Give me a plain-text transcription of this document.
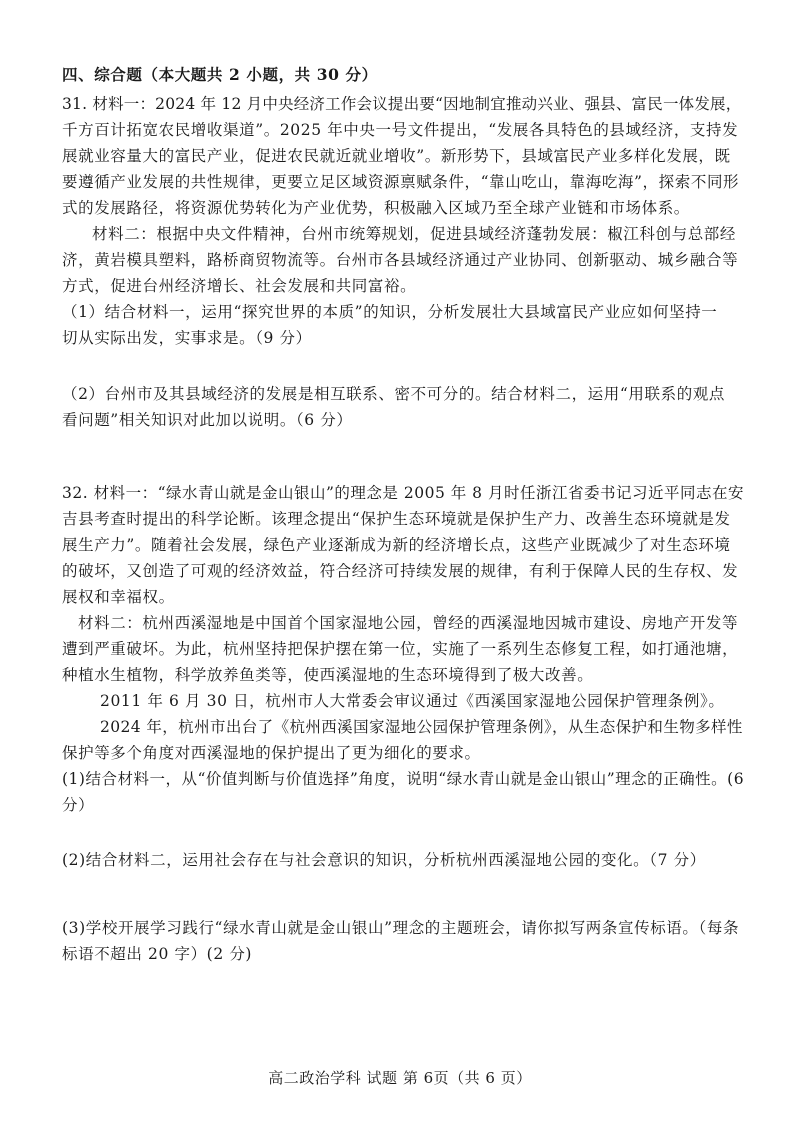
四、综合题（本大题共 2 小题，共 30 分）
31. 材料一：2024 年 12 月中央经济工作会议提出要“因地制宜推动兴业、强县、富民一体发展，
千方百计拓宽农民增收渠道”。2025 年中央一号文件提出，“发展各具特色的县域经济，支持发
展就业容量大的富民产业，促进农民就近就业增收”。新形势下，县域富民产业多样化发展，既
要遵循产业发展的共性规律，更要立足区域资源禀赋条件，“靠山吃山，靠海吃海”，探索不同形
式的发展路径，将资源优势转化为产业优势，积极融入区域乃至全球产业链和市场体系。
材料二：根据中央文件精神，台州市统筹规划，促进县域经济蓬勃发展：椒江科创与总部经
济，黄岩模具塑料，路桥商贸物流等。台州市各县域经济通过产业协同、创新驱动、城乡融合等
方式，促进台州经济增长、社会发展和共同富裕。
（1）结合材料一，运用“探究世界的本质”的知识，分析发展壮大县域富民产业应如何坚持一
切从实际出发，实事求是。（9 分）
（2）台州市及其县域经济的发展是相互联系、密不可分的。结合材料二，运用“用联系的观点
看问题”相关知识对此加以说明。（6 分）
32. 材料一：“绿水青山就是金山银山”的理念是 2005 年 8 月时任浙江省委书记习近平同志在安
吉县考查时提出的科学论断。该理念提出“保护生态环境就是保护生产力、改善生态环境就是发
展生产力”。随着社会发展，绿色产业逐渐成为新的经济增长点，这些产业既减少了对生态环境
的破坏，又创造了可观的经济效益，符合经济可持续发展的规律，有利于保障人民的生存权、发
展权和幸福权。
材料二：杭州西溪湿地是中国首个国家湿地公园，曾经的西溪湿地因城市建设、房地产开发等
遭到严重破坏。为此，杭州坚持把保护摆在第一位，实施了一系列生态修复工程，如打通池塘，
种植水生植物，科学放养鱼类等，使西溪湿地的生态环境得到了极大改善。
2011 年 6 月 30 日，杭州市人大常委会审议通过《西溪国家湿地公园保护管理条例》。
2024 年，杭州市出台了《杭州西溪国家湿地公园保护管理条例》，从生态保护和生物多样性
保护等多个角度对西溪湿地的保护提出了更为细化的要求。
(1)结合材料一，从“价值判断与价值选择”角度，说明“绿水青山就是金山银山”理念的正确性。(6
分）
(2)结合材料二，运用社会存在与社会意识的知识，分析杭州西溪湿地公园的变化。（7 分）
(3)学校开展学习践行“绿水青山就是金山银山”理念的主题班会，请你拟写两条宣传标语。（每条
标语不超出 20 字）(2 分)
高二政治学科 试题 第 6页（共 6 页）
